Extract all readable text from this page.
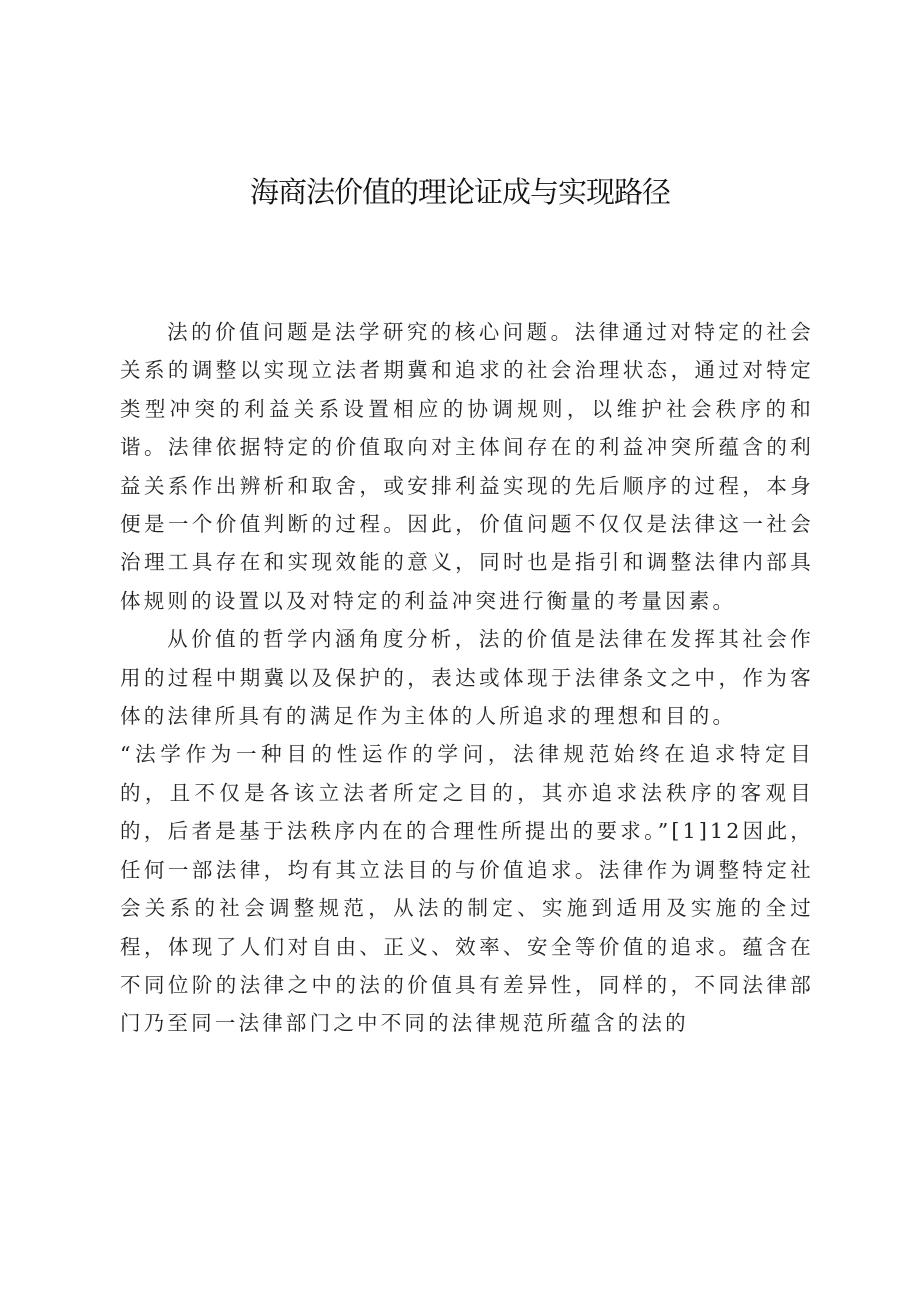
海商法价值的理论证成与实现路径

法的价值问题是法学研究的核心问题。法律通过对特定的社会关系的调整以实现立法者期冀和追求的社会治理状态，通过对特定类型冲突的利益关系设置相应的协调规则，以维护社会秩序的和谐。法律依据特定的价值取向对主体间存在的利益冲突所蕴含的利益关系作出辨析和取舍，或安排利益实现的先后顺序的过程，本身便是一个价值判断的过程。因此，价值问题不仅仅是法律这一社会治理工具存在和实现效能的意义，同时也是指引和调整法律内部具体规则的设置以及对特定的利益冲突进行衡量的考量因素。

从价值的哲学内涵角度分析，法的价值是法律在发挥其社会作用的过程中期冀以及保护的，表达或体现于法律条文之中，作为客体的法律所具有的满足作为主体的人所追求的理想和目的。

“法学作为一种目的性运作的学问，法律规范始终在追求特定目的，且不仅是各该立法者所定之目的，其亦追求法秩序的客观目的，后者是基于法秩序内在的合理性所提出的要求。”[1]12因此，任何一部法律，均有其立法目的与价值追求。法律作为调整特定社会关系的社会调整规范，从法的制定、实施到适用及实施的全过程，体现了人们对自由、正义、效率、安全等价值的追求。蕴含在不同位阶的法律之中的法的价值具有差异性，同样的，不同法律部门乃至同一法律部门之中不同的法律规范所蕴含的法的
